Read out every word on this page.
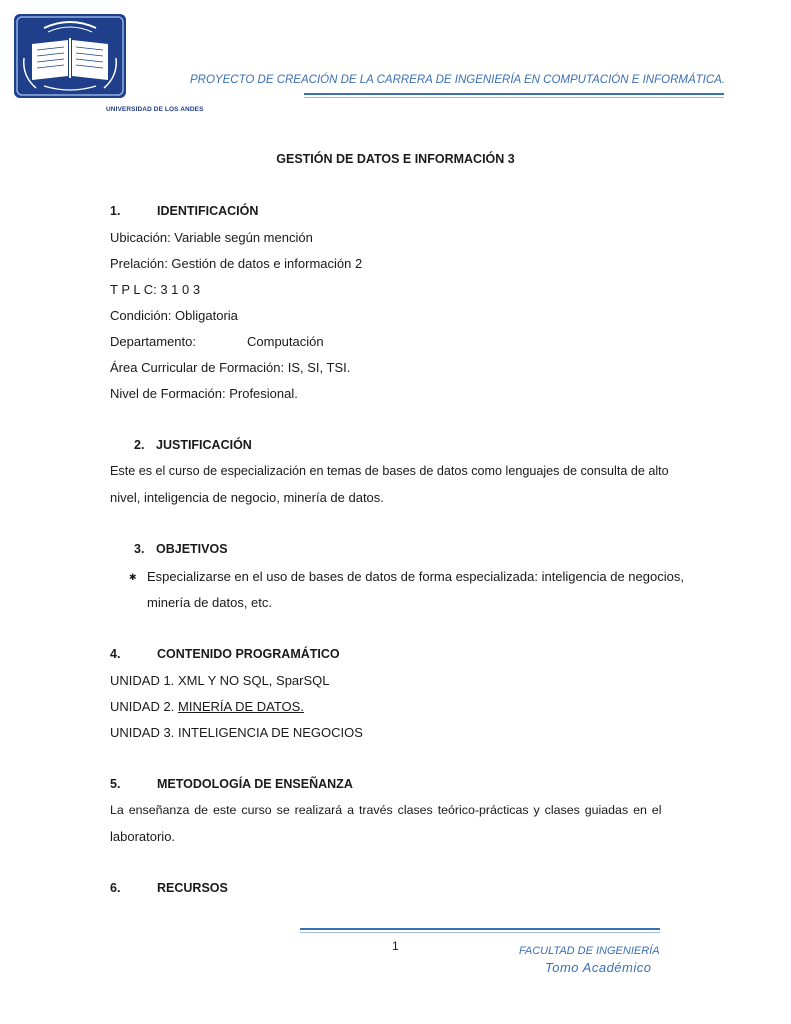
UNIVERSIDAD DE LOS ANDES
PROYECTO DE CREACIÓN DE LA CARRERA DE INGENIERÍA EN COMPUTACIÓN E INFORMÁTICA.
GESTIÓN DE DATOS E INFORMACIÓN 3
1.	IDENTIFICACIÓN
Ubicación: Variable según mención
Prelación: Gestión de datos e información 2
T P L C: 3 1 0 3
Condición: Obligatoria
Departamento:	Computación
Área Curricular de Formación: IS, SI, TSI.
Nivel de Formación: Profesional.
2. JUSTIFICACIÓN
Este es el curso de especialización en temas de bases de datos como lenguajes de consulta de alto
nivel, inteligencia de negocio, minería de datos.
3. OBJETIVOS
✱ Especializarse en el uso de bases de datos de forma especializada: inteligencia de negocios,
minería de datos, etc.
4.	CONTENIDO PROGRAMÁTICO
UNIDAD 1. XML Y NO SQL, SparSQL
UNIDAD 2. MINERÍA DE DATOS.
UNIDAD 3. INTELIGENCIA DE NEGOCIOS
5.	METODOLOGÍA DE ENSEÑANZA
La enseñanza de este curso se realizará a través clases teórico-prácticas y clases guiadas en el
laboratorio.
6.	RECURSOS
1	FACULTAD DE INGENIERÍA
Tomo Académico
